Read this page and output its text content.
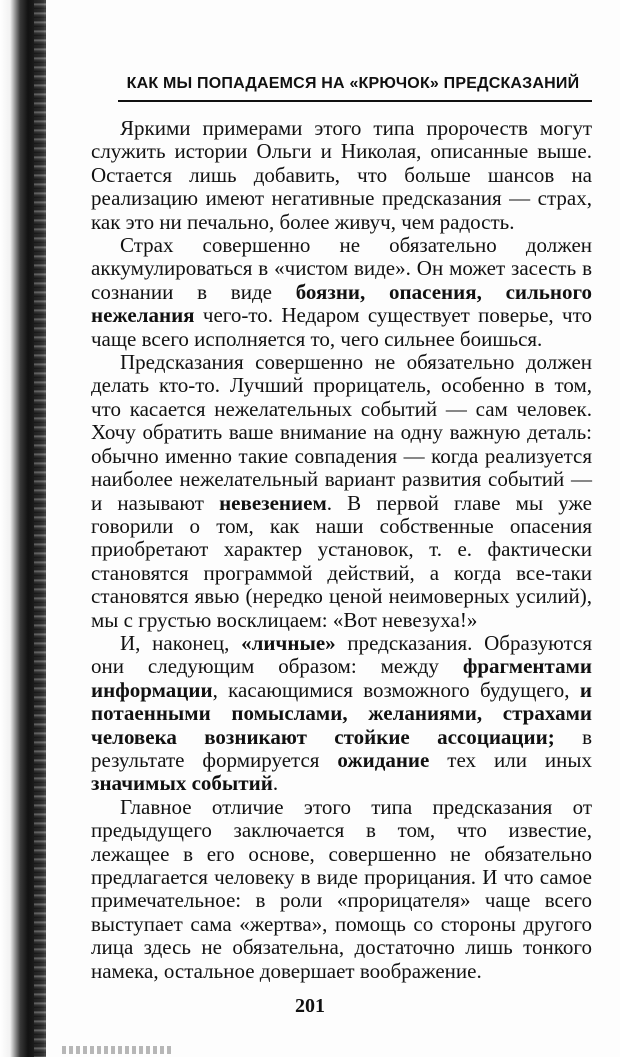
КАК МЫ ПОПАДАЕМСЯ НА «КРЮЧОК» ПРЕДСКАЗАНИЙ

Яркими примерами этого типа пророчеств могут служить истории Ольги и Николая, описанные выше. Остается лишь добавить, что больше шансов на реализацию имеют негативные предсказания — страх, как это ни печально, более живуч, чем радость.

Страх совершенно не обязательно должен аккумулироваться в «чистом виде». Он может засесть в сознании в виде боязни, опасения, сильного нежелания чего-то. Недаром существует поверье, что чаще всего исполняется то, чего сильнее боишься.

Предсказания совершенно не обязательно должен делать кто-то. Лучший прорицатель, особенно в том, что касается нежелательных событий — сам человек. Хочу обратить ваше внимание на одну важную деталь: обычно именно такие совпадения — когда реализуется наиболее нежелательный вариант развития событий — и называют невезением. В первой главе мы уже говорили о том, как наши собственные опасения приобретают характер установок, т. е. фактически становятся программой действий, а когда все-таки становятся явью (нередко ценой неимоверных усилий), мы с грустью восклицаем: «Вот невезуха!»

И, наконец, «личные» предсказания. Образуются они следующим образом: между фрагментами информации, касающимися возможного будущего, и потаенными помыслами, желаниями, страхами человека возникают стойкие ассоциации; в результате формируется ожидание тех или иных значимых событий.

Главное отличие этого типа предсказания от предыдущего заключается в том, что известие, лежащее в его основе, совершенно не обязательно предлагается человеку в виде прорицания. И что самое примечательное: в роли «прорицателя» чаще всего выступает сама «жертва», помощь со стороны другого лица здесь не обязательна, достаточно лишь тонкого намека, остальное довершает воображение.

201
